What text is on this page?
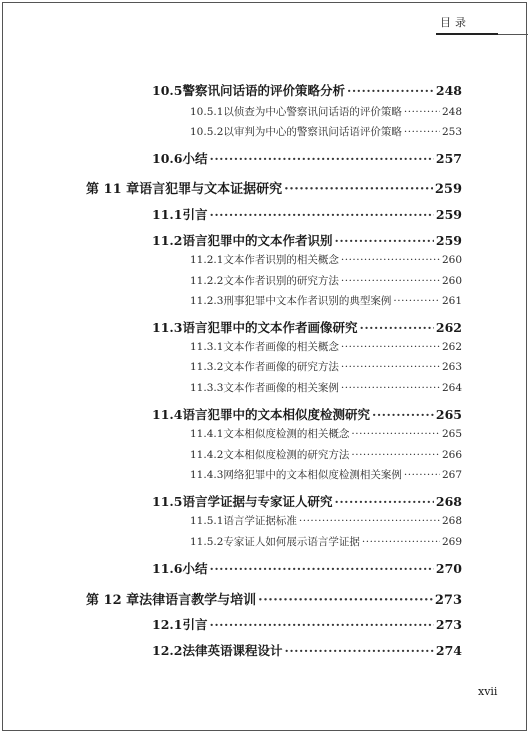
目录
10.5 警察讯问话语的评价策略分析 ·····	248
10.5.1 以侦查为中心警察讯问话语的评价策略 ·····	248
10.5.2 以审判为中心的警察讯问话语评价策略 ·····	253
10.6 小结 ·····	257
第 11 章 语言犯罪与文本证据研究 ·····	259
11.1 引言 ·····	259
11.2 语言犯罪中的文本作者识别 ·····	259
11.2.1 文本作者识别的相关概念 ·····	260
11.2.2 文本作者识别的研究方法 ·····	260
11.2.3 刑事犯罪中文本作者识别的典型案例 ·····	261
11.3 语言犯罪中的文本作者画像研究 ·····	262
11.3.1 文本作者画像的相关概念 ·····	262
11.3.2 文本作者画像的研究方法 ·····	263
11.3.3 文本作者画像的相关案例 ·····	264
11.4 语言犯罪中的文本相似度检测研究 ·····	265
11.4.1 文本相似度检测的相关概念 ·····	265
11.4.2 文本相似度检测的研究方法 ·····	266
11.4.3 网络犯罪中的文本相似度检测相关案例 ·····	267
11.5 语言学证据与专家证人研究 ·····	268
11.5.1 语言学证据标准 ·····	268
11.5.2 专家证人如何展示语言学证据 ·····	269
11.6 小结 ·····	270
第 12 章 法律语言教学与培训 ·····	273
12.1 引言 ·····	273
12.2 法律英语课程设计 ·····	274
xvii
